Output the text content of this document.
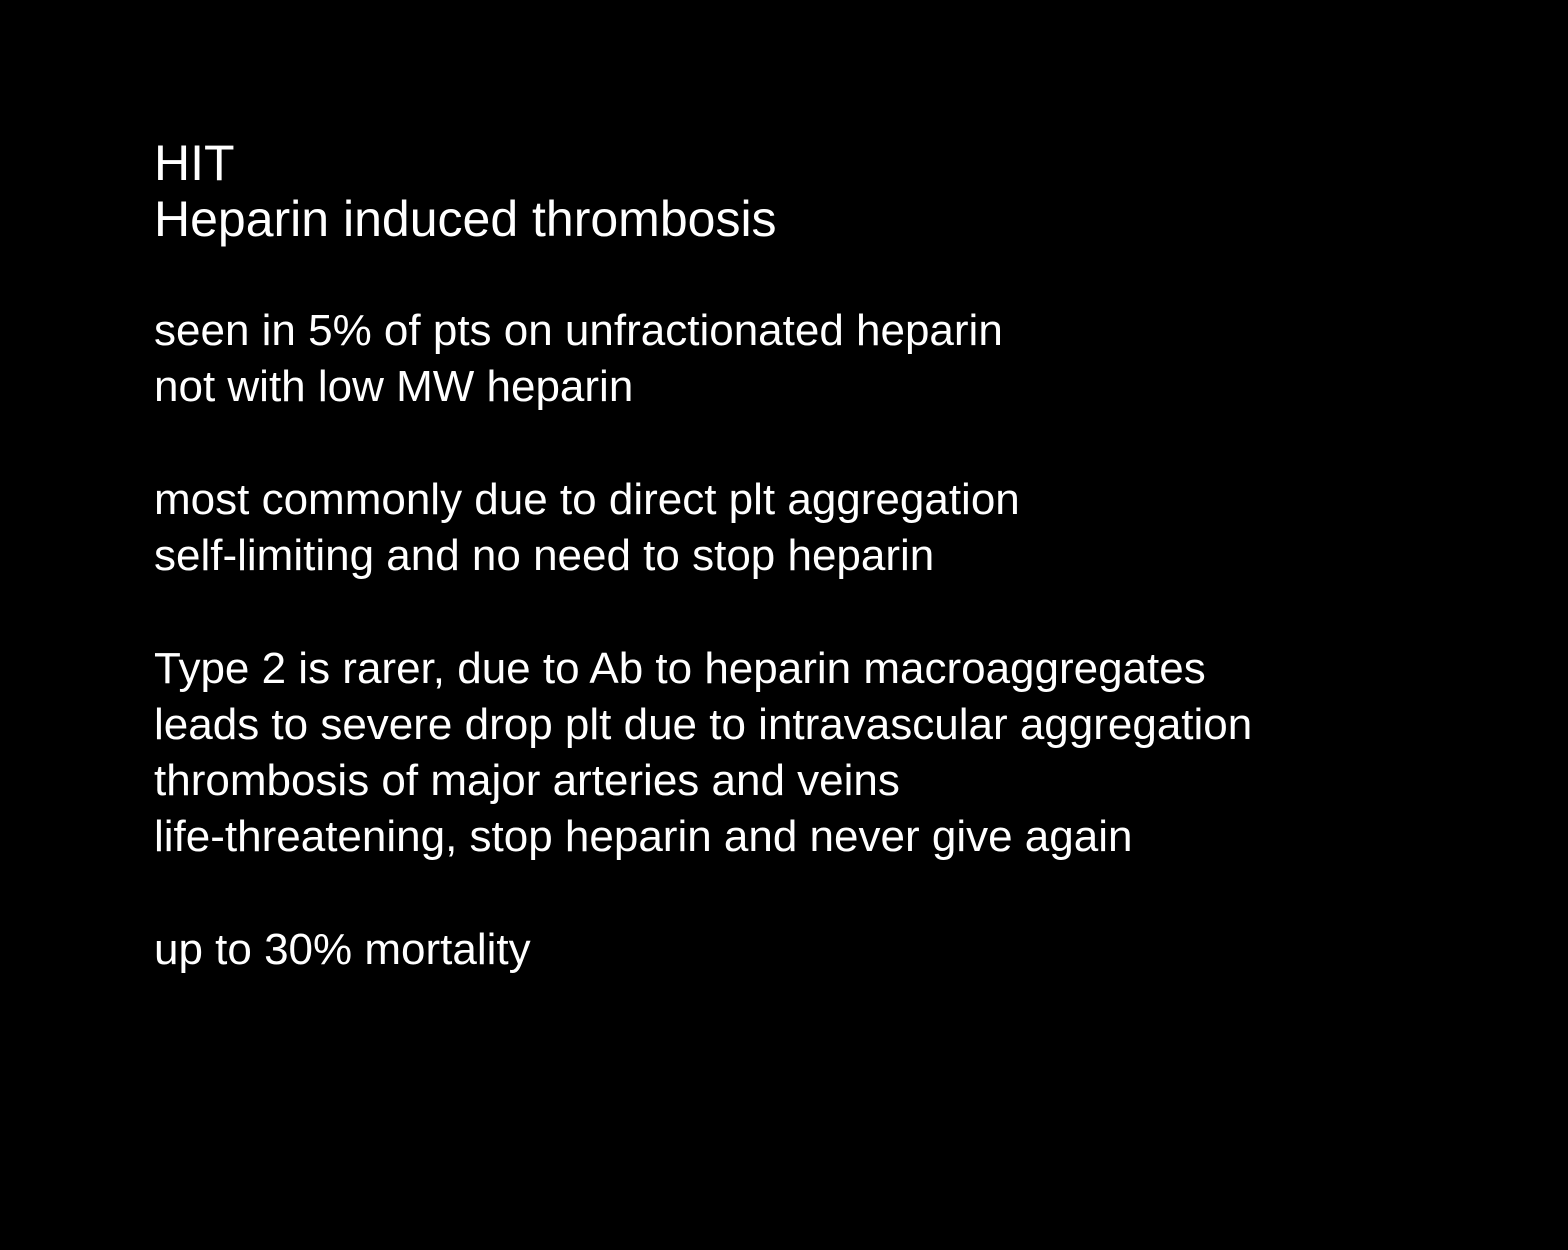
HIT
Heparin induced thrombosis
seen in 5% of pts on unfractionated heparin
not with low MW heparin
most commonly due to direct plt aggregation
self-limiting and no need to stop heparin
Type 2 is rarer, due to Ab to heparin macroaggregates
leads to severe drop plt due to intravascular aggregation
thrombosis of major arteries and veins
life-threatening, stop heparin and never give again
up to 30% mortality
